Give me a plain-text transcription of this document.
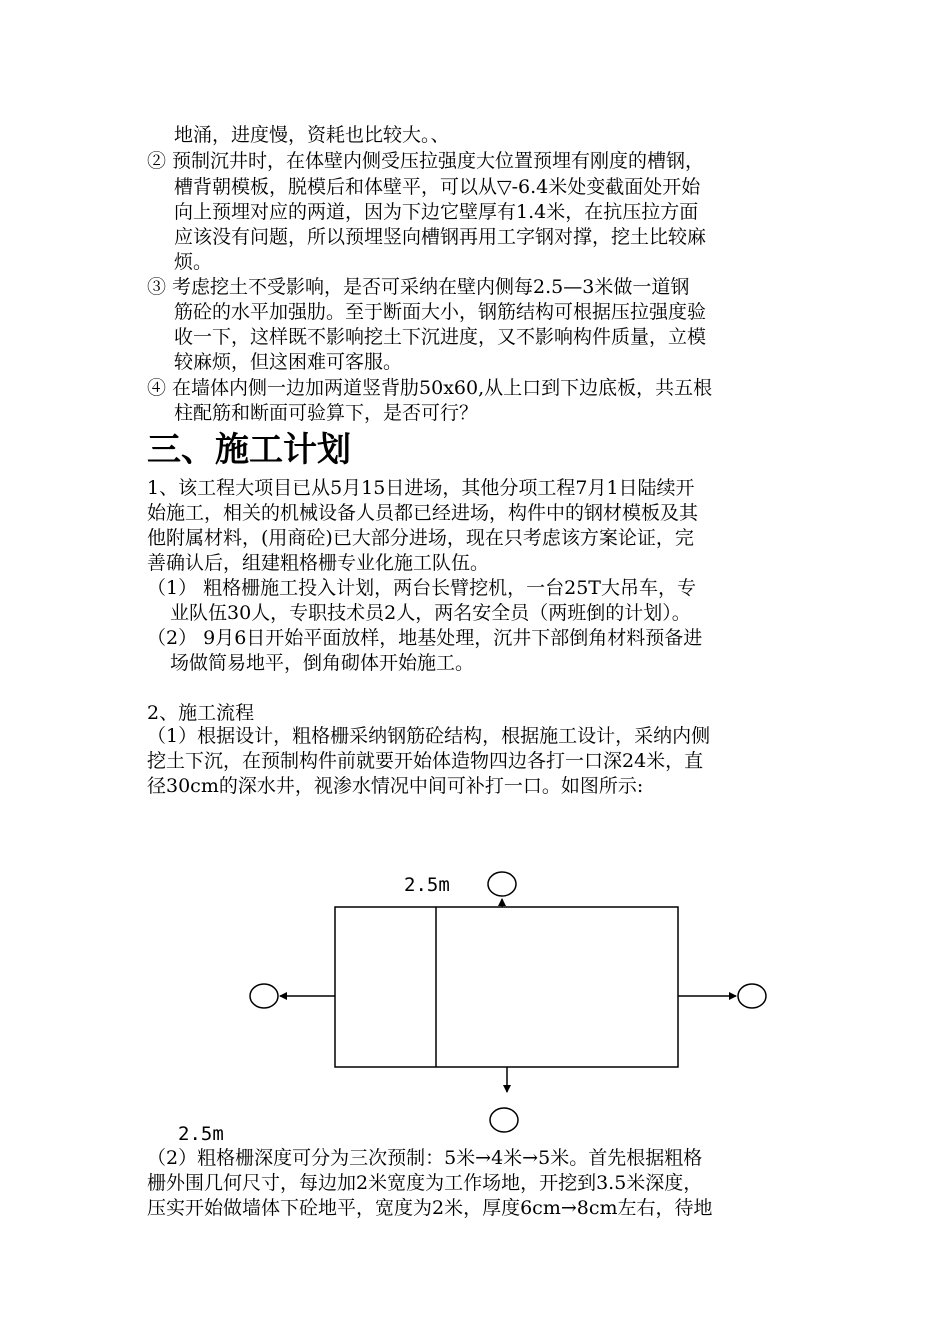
地涌，进度慢，资耗也比较大。、
② 预制沉井时，在体壁内侧受压拉强度大位置预埋有刚度的槽钢，
槽背朝模板，脱模后和体壁平，可以从▽-6.4米处变截面处开始
向上预埋对应的两道，因为下边它壁厚有1.4米，在抗压拉方面
应该没有问题，所以预埋竖向槽钢再用工字钢对撑，挖土比较麻
烦。
③ 考虑挖土不受影响，是否可采纳在壁内侧每2.5—3米做一道钢
筋砼的水平加强肋。至于断面大小，钢筋结构可根据压拉强度验
收一下，这样既不影响挖土下沉进度，又不影响构件质量，立模
较麻烦，但这困难可客服。
④ 在墙体内侧一边加两道竖背肋50x60,从上口到下边底板，共五根
柱配筋和断面可验算下，是否可行？
三、施工计划
1、该工程大项目已从5月15日进场，其他分项工程7月1日陆续开
始施工，相关的机械设备人员都已经进场，构件中的钢材模板及其
他附属材料，(用商砼)已大部分进场，现在只考虑该方案论证，完
善确认后，组建粗格栅专业化施工队伍。
（1） 粗格栅施工投入计划，两台长臂挖机，一台25T大吊车，专
业队伍30人，专职技术员2人，两名安全员（两班倒的计划）。
（2） 9月6日开始平面放样，地基处理，沉井下部倒角材料预备进
场做简易地平，倒角砌体开始施工。
2、施工流程
（1）根据设计，粗格栅采纳钢筋砼结构，根据施工设计，采纳内侧
挖土下沉，在预制构件前就要开始体造物四边各打一口深24米，直
径30cm的深水井，视渗水情况中间可补打一口。如图所示:
2.5m
2.5m
（2）粗格栅深度可分为三次预制：5米→4米→5米。首先根据粗格
栅外围几何尺寸，每边加2米宽度为工作场地，开挖到3.5米深度，
压实开始做墙体下砼地平，宽度为2米，厚度6cm→8cm左右，待地
